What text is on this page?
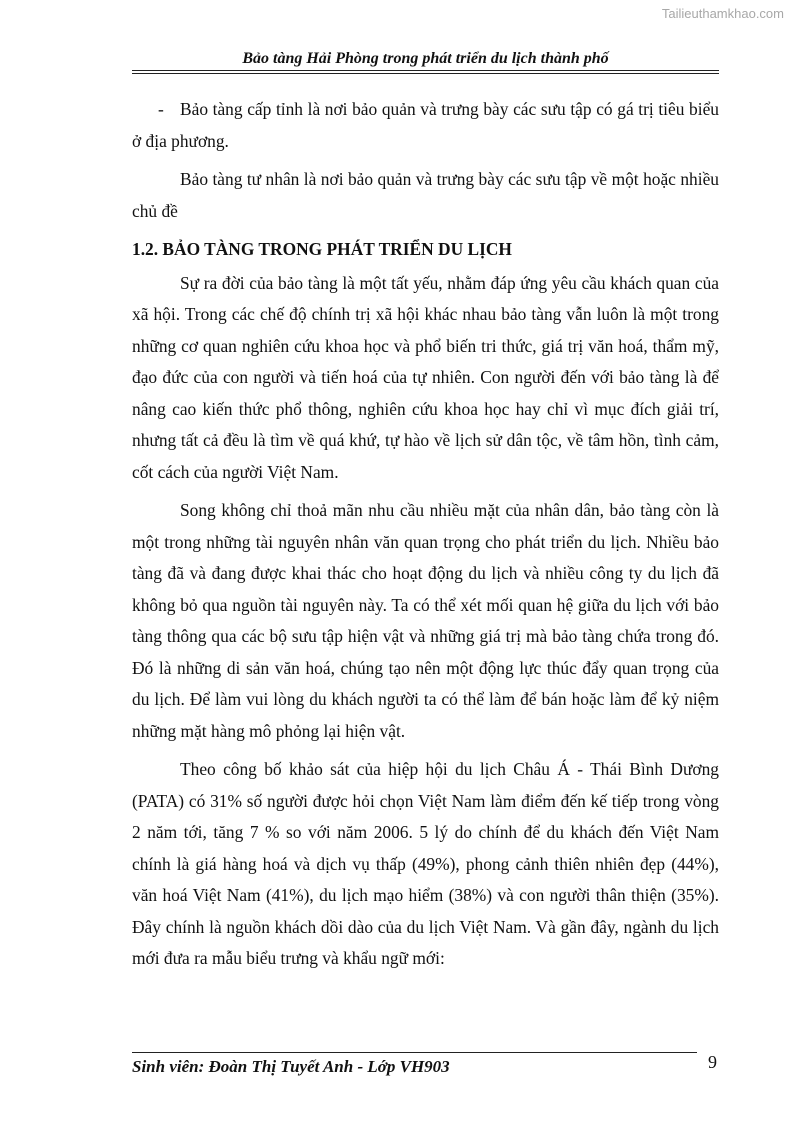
Tailieuthamkhao.com
Bảo tàng Hải Phòng trong phát triển du lịch thành phố

- Bảo tàng cấp tỉnh là nơi bảo quản và trưng bày các sưu tập có gá trị tiêu biểu ở địa phương.

Bảo tàng tư nhân là nơi bảo quản và trưng bày các sưu tập về một hoặc nhiều chủ đề

1.2. BẢO TÀNG TRONG PHÁT TRIỂN DU LỊCH

Sự ra đời của bảo tàng là một tất yếu, nhằm đáp ứng yêu cầu khách quan của xã hội. Trong các chế độ chính trị xã hội khác nhau bảo tàng vẫn luôn là một trong những cơ quan nghiên cứu khoa học và phổ biến tri thức, giá trị văn hoá, thẩm mỹ, đạo đức của con người và tiến hoá của tự nhiên. Con người đến với bảo tàng là để nâng cao kiến thức phổ thông, nghiên cứu khoa học hay chỉ vì mục đích giải trí, nhưng tất cả đều là tìm về quá khứ, tự hào về lịch sử dân tộc, về tâm hồn, tình cảm, cốt cách của người Việt Nam.

Song không chỉ thoả mãn nhu cầu nhiều mặt của nhân dân, bảo tàng còn là một trong những tài nguyên nhân văn quan trọng cho phát triển du lịch. Nhiều bảo tàng đã và đang được khai thác cho hoạt động du lịch và nhiều công ty du lịch đã không bỏ qua nguồn tài nguyên này. Ta có thể xét mối quan hệ giữa du lịch với bảo tàng thông qua các bộ sưu tập hiện vật và những giá trị mà bảo tàng chứa trong đó. Đó là những di sản văn hoá, chúng tạo nên một động lực thúc đẩy quan trọng của du lịch. Để làm vui lòng du khách người ta có thể làm để bán hoặc làm để kỷ niệm những mặt hàng mô phỏng lại hiện vật.

Theo công bố khảo sát của hiệp hội du lịch Châu Á - Thái Bình Dương (PATA) có 31% số người được hỏi chọn Việt Nam làm điểm đến kế tiếp trong vòng 2 năm tới, tăng 7 % so với năm 2006. 5 lý do chính để du khách đến Việt Nam chính là giá hàng hoá và dịch vụ thấp (49%), phong cảnh thiên nhiên đẹp (44%), văn hoá Việt Nam (41%), du lịch mạo hiểm (38%) và con người thân thiện (35%). Đây chính là nguồn khách dồi dào của du lịch Việt Nam. Và gần đây, ngành du lịch mới đưa ra mẫu biểu trưng và khẩu ngữ mới:

Sinh viên: Đoàn Thị Tuyết Anh - Lớp VH903	9
